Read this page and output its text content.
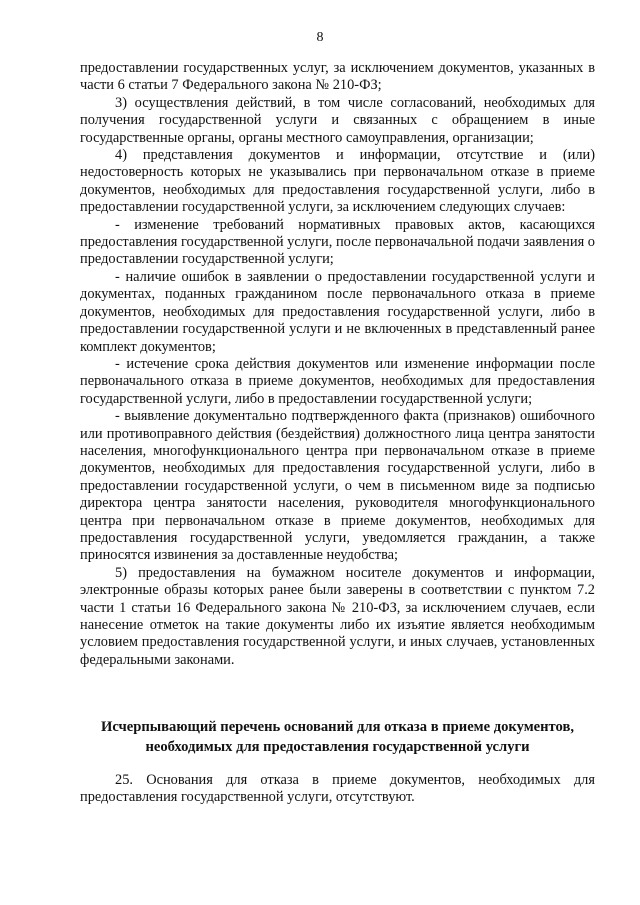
8

предоставлении государственных услуг, за исключением документов, указанных в части 6 статьи 7 Федерального закона № 210-ФЗ;

3) осуществления действий, в том числе согласований, необходимых для получения государственной услуги и связанных с обращением в иные государственные органы, органы местного самоуправления, организации;

4) представления документов и информации, отсутствие и (или) недостоверность которых не указывались при первоначальном отказе в приеме документов, необходимых для предоставления государственной услуги, либо в предоставлении государственной услуги, за исключением следующих случаев:

- изменение требований нормативных правовых актов, касающихся предоставления государственной услуги, после первоначальной подачи заявления о предоставлении государственной услуги;

- наличие ошибок в заявлении о предоставлении государственной услуги и документах, поданных гражданином после первоначального отказа в приеме документов, необходимых для предоставления государственной услуги, либо в предоставлении государственной услуги и не включенных в представленный ранее комплект документов;

- истечение срока действия документов или изменение информации после первоначального отказа в приеме документов, необходимых для предоставления государственной услуги, либо в предоставлении государственной услуги;

- выявление документально подтвержденного факта (признаков) ошибочного или противоправного действия (бездействия) должностного лица центра занятости населения, многофункционального центра при первоначальном отказе в приеме документов, необходимых для предоставления государственной услуги, либо в предоставлении государственной услуги, о чем в письменном виде за подписью директора центра занятости населения, руководителя многофункционального центра при первоначальном отказе в приеме документов, необходимых для предоставления государственной услуги, уведомляется гражданин, а также приносятся извинения за доставленные неудобства;

5) предоставления на бумажном носителе документов и информации, электронные образы которых ранее были заверены в соответствии с пунктом 7.2 части 1 статьи 16 Федерального закона № 210-ФЗ, за исключением случаев, если нанесение отметок на такие документы либо их изъятие является необходимым условием предоставления государственной услуги, и иных случаев, установленных федеральными законами.

Исчерпывающий перечень оснований для отказа в приеме документов,
необходимых для предоставления государственной услуги

25. Основания для отказа в приеме документов, необходимых для предоставления государственной услуги, отсутствуют.
